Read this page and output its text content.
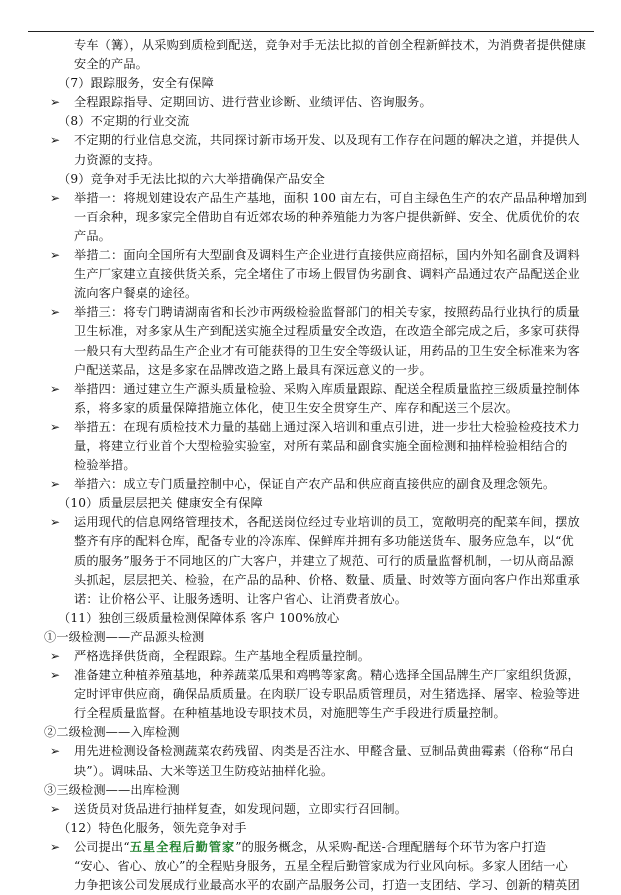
专车（篝），从采购到质检到配送，竞争对手无法比拟的首创全程新鲜技术，为消费者提供健康
安全的产品。
（7）跟踪服务，安全有保障
➢ 全程跟踪指导、定期回访、进行营业诊断、业绩评估、咨询服务。
（8）不定期的行业交流
➢ 不定期的行业信息交流，共同探讨新市场开发、以及现有工作存在问题的解决之道，并提供人
力资源的支持。
（9）竞争对手无法比拟的六大举措确保产品安全
➢ 举措一：将规划建设农产品生产基地，面积 100 亩左右，可自主绿色生产的农产品品种增加到
一百余种，现多家完全借助自有近郊农场的种养殖能力为客户提供新鲜、安全、优质优价的农
产品。
➢ 举措二：面向全国所有大型副食及调料生产企业进行直接供应商招标，国内外知名副食及调料
生产厂家建立直接供货关系，完全堵住了市场上假冒伪劣副食、调料产品通过农产品配送企业
流向客户餐桌的途径。
➢ 举措三：将专门聘请湖南省和长沙市两级检验监督部门的相关专家，按照药品行业执行的质量
卫生标准，对多家从生产到配送实施全过程质量安全改造，在改造全部完成之后，多家可获得
一般只有大型药品生产企业才有可能获得的卫生安全等级认证，用药品的卫生安全标准来为客
户配送菜品，这是多家在品牌改造之路上最具有深远意义的一步。
➢ 举措四：通过建立生产源头质量检验、采购入库质量跟踪、配送全程质量监控三级质量控制体
系，将多家的质量保障措施立体化，使卫生安全贯穿生产、库存和配送三个层次。
➢ 举措五：在现有质检技术力量的基础上通过深入培训和重点引进，进一步壮大检验检疫技术力
量，将建立行业首个大型检验实验室，对所有菜品和副食实施全面检测和抽样检验相结合的
检验举措。
➢ 举措六：成立专门质量控制中心，保证自产农产品和供应商直接供应的副食及理念领先。
（10）质量层层把关 健康安全有保障
➢ 运用现代的信息网络管理技术，各配送岗位经过专业培训的员工，宽敞明亮的配菜车间，摆放
整齐有序的配料仓库，配备专业的冷冻库、保鲜库并拥有多功能送货车、服务应急车，以“优
质的服务”服务于不同地区的广大客户，并建立了规范、可行的质量监督机制，一切从商品源
头抓起，层层把关、检验，在产品的品种、价格、数量、质量、时效等方面向客户作出郑重承
诺：让价格公平、让服务透明、让客户省心、让消费者放心。
（11）独创三级质量检测保障体系 客户 100%放心
①一级检测——产品源头检测
➢ 严格选择供货商，全程跟踪。生产基地全程质量控制。
➢ 准备建立种植养殖基地，种养蔬菜瓜果和鸡鸭等家禽。精心选择全国品牌生产厂家组织货源，
定时评审供应商，确保品质质量。在肉联厂设专职品质管理员，对生猪选择、屠宰、检验等进
行全程质量监督。在种植基地设专职技术员，对施肥等生产手段进行质量控制。
②二级检测——入库检测
➢ 用先进检测设备检测蔬菜农药残留、肉类是否注水、甲醛含量、豆制品黄曲霉素（俗称“吊白
块”）。调味品、大米等送卫生防疫站抽样化验。
③三级检测——出库检测
➢ 送货员对货品进行抽样复查，如发现问题，立即实行召回制。
（12）特色化服务，领先竞争对手
➢ 公司提出“五星全程后勤管家”的服务概念，从采购-配送-合理配膳每个环节为客户打造
“安心、省心、放心”的全程贴身服务，五星全程后勤管家成为行业风向标。多家人团结一心
力争把该公司发展成行业最高水平的农副产品服务公司，打造一支团结、学习、创新的精英团
